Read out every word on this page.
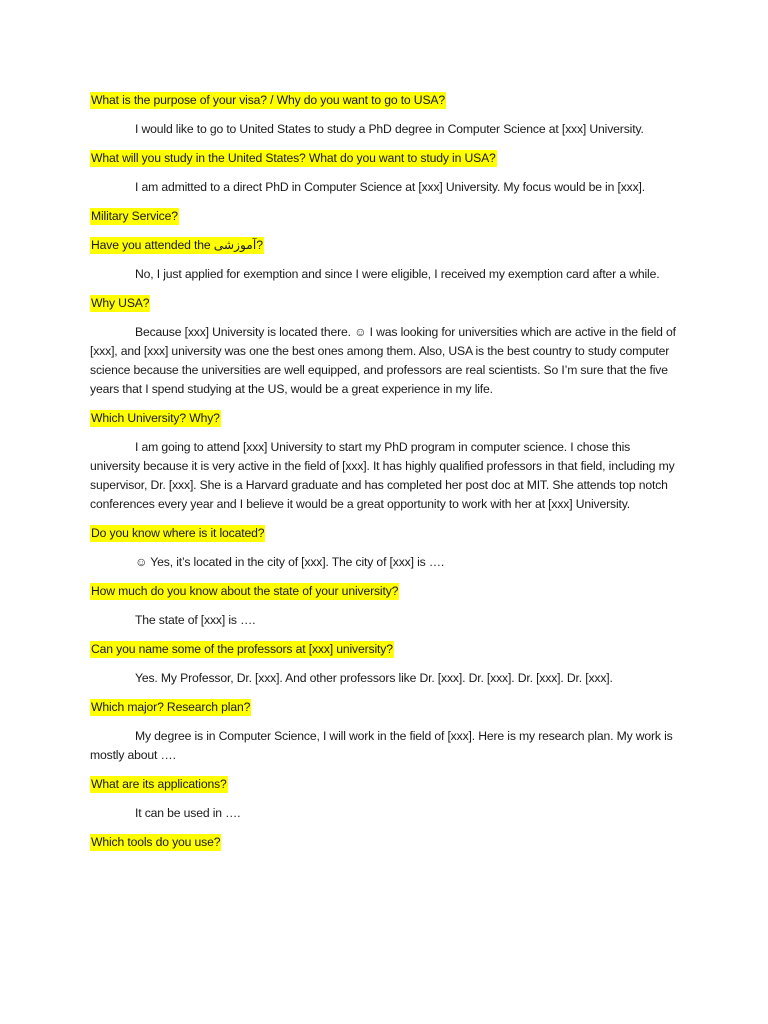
What is the purpose of your visa? / Why do you want to go to USA?

I would like to go to United States to study a PhD degree in Computer Science at [xxx] University.

What will you study in the United States? What do you want to study in USA?

I am admitted to a direct PhD in Computer Science at [xxx] University. My focus would be in [xxx].

Military Service?

Have you attended the آموزشی?

No, I just applied for exemption and since I were eligible, I received my exemption card after a while.

Why USA?

Because [xxx] University is located there. ☺ I was looking for universities which are active in the field of [xxx], and [xxx] university was one the best ones among them. Also, USA is the best country to study computer science because the universities are well equipped, and professors are real scientists. So I’m sure that the five years that I spend studying at the US, would be a great experience in my life.

Which University? Why?

I am going to attend [xxx] University to start my PhD program in computer science. I chose this university because it is very active in the field of [xxx]. It has highly qualified professors in that field, including my supervisor, Dr. [xxx]. She is a Harvard graduate and has completed her post doc at MIT. She attends top notch conferences every year and I believe it would be a great opportunity to work with her at [xxx] University.

Do you know where is it located?

☺ Yes, it’s located in the city of [xxx]. The city of [xxx] is ….

How much do you know about the state of your university?

The state of [xxx] is ….

Can you name some of the professors at [xxx] university?

Yes. My Professor, Dr. [xxx]. And other professors like Dr. [xxx]. Dr. [xxx]. Dr. [xxx]. Dr. [xxx].

Which major? Research plan?

My degree is in Computer Science, I will work in the field of [xxx]. Here is my research plan. My work is mostly about ….

What are its applications?

It can be used in ….

Which tools do you use?
